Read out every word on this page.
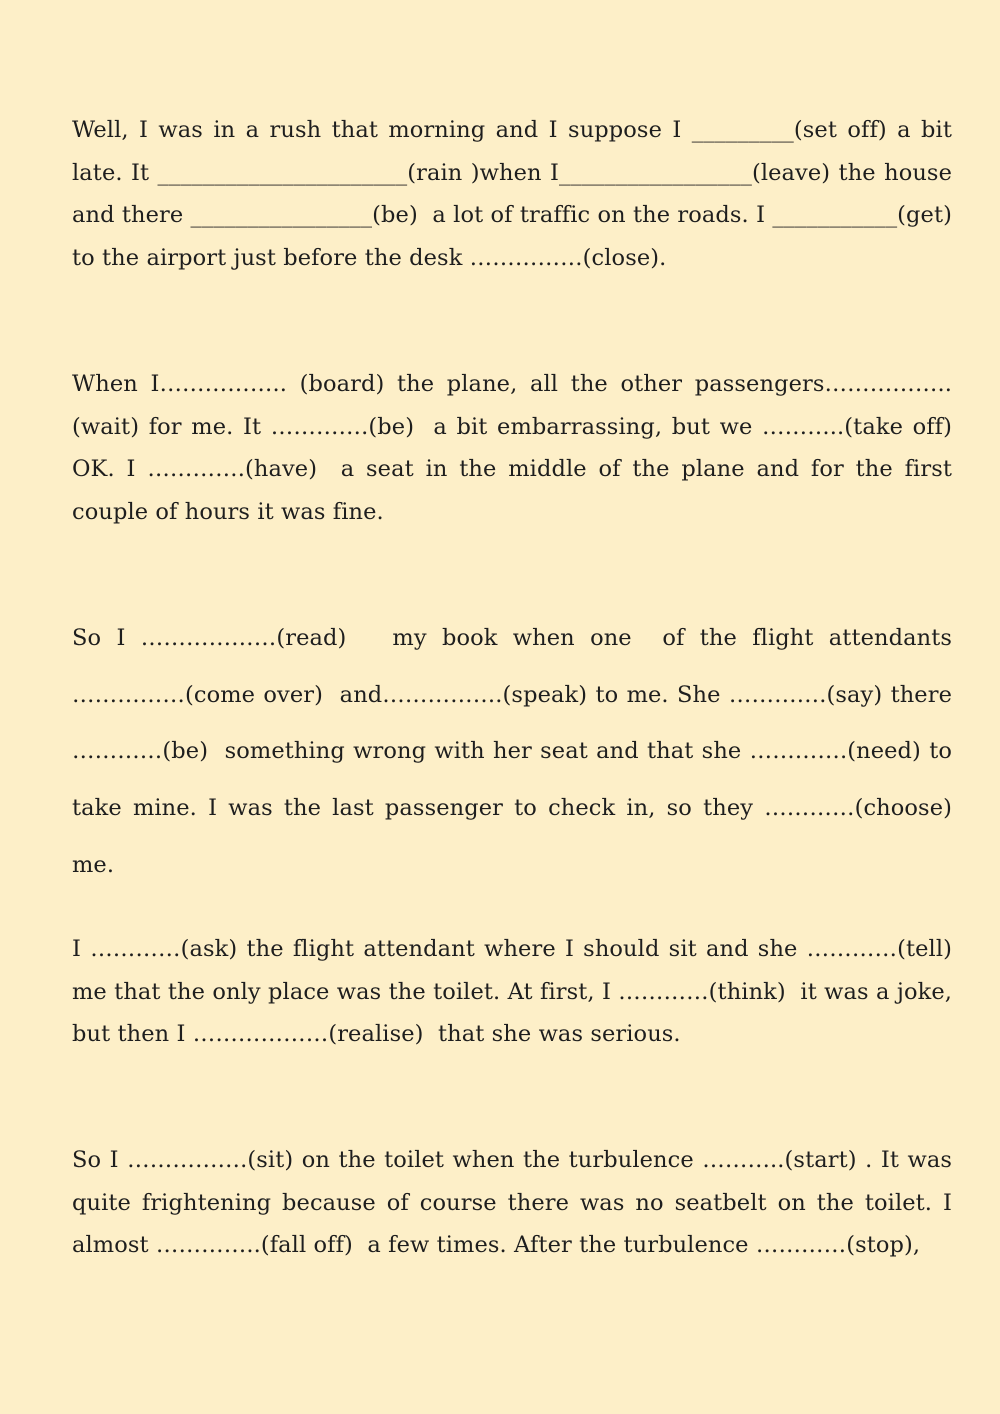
Well, I was in a rush that morning and I suppose I _________(set off) a bit late. It ______________________(rain )when I_________________(leave) the house and there ________________(be)  a lot of traffic on the roads. I ___________(get)  to the airport just before the desk ……………(close).

When I…………….. (board) the plane, all the other passengers……………..(wait) for me. It ………….(be)  a bit embarrassing, but we ………..(take off) OK. I ………….(have)  a seat in the middle of the plane and for the first couple of hours it was fine.

So I ………………(read)   my book when one  of the flight attendants ……………(come over)  and…………….(speak) to me. She ………….(say) there …………(be)  something wrong with her seat and that she ………….(need) to take mine. I was the last passenger to check in, so they …………(choose) me.

I …………(ask) the flight attendant where I should sit and she …………(tell) me that the only place was the toilet. At first, I …………(think)  it was a joke, but then I ………………(realise)  that she was serious.

So I …………….(sit) on the toilet when the turbulence ………..(start) . It was quite frightening because of course there was no seatbelt on the toilet. I almost …………..(fall off)  a few times. After the turbulence …………(stop),
